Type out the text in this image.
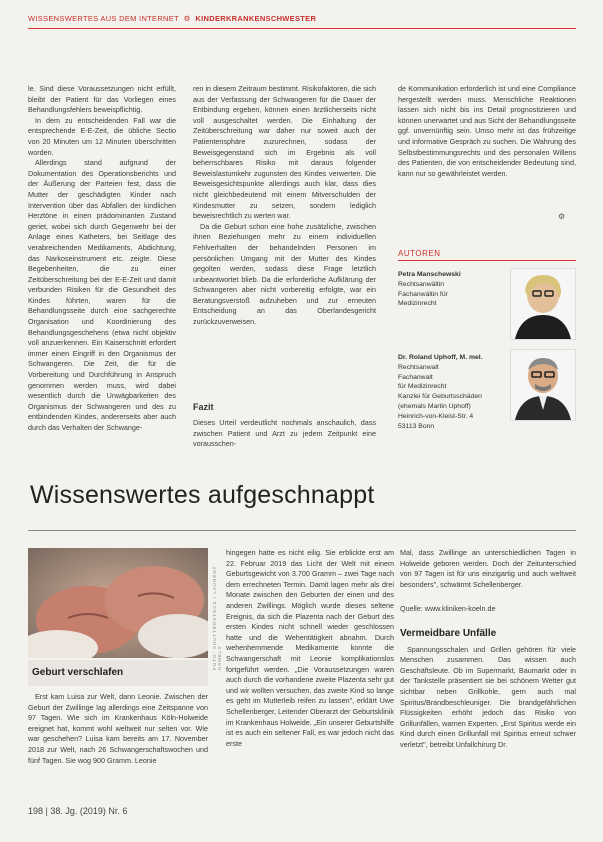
WISSENSWERTES AUS DEM INTERNET  ⚙  KINDERKRANKENSCHWESTER

le. Sind diese Voraussetzungen nicht erfüllt, bleibt der Patient für das Vorliegen eines Behandlungsfehlers beweispflichtig.

In dem zu entscheidenden Fall war die entsprechende E-E-Zeit, die übliche Sectio von 20 Minuten um 12 Minuten überschritten worden.

Allerdings stand aufgrund der Dokumentation des Operationsberichts und der Äußerung der Parteien fest, dass die Mutter der geschädigten Kinder nach Intervention über das Abfallen der kindlichen Herztöne in einen prädominanten Zustand geriet, wobei sich durch Gegenwehr bei der Anlage eines Katheters, bei Seitlage des verabreichenden Medikaments, Abdichtung, das Narkoseinstrument etc. zeigte. Diese Begebenheiten, die zu einer Zeitüberschreitung bei der E-E-Zeit und damit verbunden Risiken für die Gesundheit des Kindes führten, waren für die Behandlungsseite durch eine sachgerechte Organisation und Koordinierung des Behandlungsgeschehens (etwa nicht objektiv voll anzuerkennen. Ein Kaiserschnitt erfordert immer einen Eingriff in den Organismus der Schwangeren. Die Zeit, die für die Vorbereitung und Durchführung in Anspruch genommen werden muss, wird dabei wesentlich durch die Unwägbarkeiten des Organismus der Schwangeren und des zu entbindenden Kindes, andererseits aber auch durch das Verhalten der Schwange-

ren in diesem Zeitraum bestimmt. Risikofaktoren, die sich aus der Verfassung der Schwangeren für die Dauer der Entbindung ergeben, können einen ärztlicherseits nicht voll ausgeschaltet werden. Die Einhaltung der Zeitüberschreitung war daher nur soweit auch der Patientensphäre zuzurechnen, sodass der Beweisgegenstand sich im Ergebnis als voll beherrschbares Risiko mit daraus folgender Beweislastumkehr zugunsten des Kindes verwerten. Die Beweisgesichtspunkte allerdings auch klar, dass dies nicht gleichbedeutend mit einem Mitverschulden der Kindesmutter zu setzen, sondern lediglich beweisrechtlich zu werten war.

Da die Geburt schon eine hohe zusätzliche, zwischen ihnen Beziehungen mehr zu einem individuellen Fehlverhalten der behandelnden Personen im persönlichen Umgang mit der Mutter des Kindes gegolten werden, sodass diese Frage letztlich unbeantwortet blieb. Da die erforderliche Aufklärung der Schwangeren aber nicht vorbereitig erfolgte, war ein Beratungsverstoß aufzuheben und zur erneuten Entscheidung an das Oberlandesgericht zurückzuverweisen.

Fazit

Dieses Urteil verdeutlicht nochmals anschaulich, dass zwischen Patient und Arzt zu jedem Zeitpunkt eine vorausschen-

de Kommunikation erforderlich ist und eine Compliance hergestellt werden muss. Menschliche Reaktionen lassen sich nicht bis ins Detail prognostizieren und können unerwartet und aus Sicht der Behandlungsseite ggf. unvernünftig sein. Umso mehr ist das frühzeitige und informative Gespräch zu suchen. Die Wahrung des Selbstbestimmungsrechts und des personalen Willens des Patienten, die von entscheidender Bedeutung sind, kann nur so gewährleistet werden.

⚙
AUTOREN
Petra Manschewski
Rechtsanwältin
Fachanwältin für
Medizinrecht
Dr. Roland Uphoff, M. mel.
Rechtsanwalt
Fachanwalt
für Medizinrecht
Kanzlei für Geburtsschäden
(ehemals Martin Uphoff)
Heinrich-von-Kleist-Str. 4
53113 Bonn
Wissenswertes aufgeschnappt
Geburt verschlafen
FOTO: SHUTTERSTOCK / LAURENT HAMELS

Erst kam Luisa zur Welt, dann Leonie. Zwischen der Geburt der Zwillinge lag allerdings eine Zeitspanne von 97 Tagen. Wie sich im Krankenhaus Köln-Holweide ereignet hat, kommt wohl weltweit nur selten vor. Wie war geschehen? Luisa kam bereits am 17. November 2018 zur Welt, nach 26 Schwangerschaftswochen und fünf Tagen. Sie wog 900 Gramm. Leonie

hingegen hatte es nicht eilig. Sie erblickte erst am 22. Februar 2019 das Licht der Welt mit einem Geburtsgewicht von 3.700 Gramm – zwei Tage nach dem errechneten Termin. Damit lagen mehr als drei Monate zwischen den Geburten der einen und des anderen Zwillings. Möglich wurde dieses seltene Ereignis, da sich die Plazenta nach der Geburt des ersten Kindes nicht schnell wieder geschlossen hatte und die Wehentätigkeit abnahm. Durch wehenhemmende Medikamente konnte die Schwangerschaft mit Leonie komplikationslos fortgeführt werden. „Die Voraussetzungen waren auch durch die vorhandene zweite Plazenta sehr gut und wir wollten versuchen, das zweite Kind so lange es geht im Mutterleib reifen zu lassen", erklärt Uwe Schellenberger, Leitender Oberarzt der Geburtsklinik im Krankenhaus Holweide. „Ein unserer Geburtshilfe ist es auch ein seltener Fall, es war jedoch nicht das erste

Mal, dass Zwillinge an unterschiedlichen Tagen in Holweide geboren werden. Doch der Zeitunterschied von 97 Tagen ist für uns einzigartig und auch weltweit besonders", schwärmt Schellenberger.

Quelle: www.kliniken-koeln.de

Vermeidbare Unfälle

Spannungsschalen und Grillen gehören für viele Menschen zusammen. Das wissen auch Geschäftsleute. Ob im Supermarkt, Baumarkt oder in der Tankstelle präsentiert sie bei schönem Wetter gut sichtbar neben Grillkohle, gern auch mal Spiritus/Brandbeschleuniger. Die brandgefährlichen Flüssigkeiten erhöht jedoch das Risiko von Grillunfällen, warnen Experten. „Erst Spiritus werde ein Kind durch einen Grillunfall mit Spiritus erneut schwer verletzt", betreibt Unfallchirurg Dr.

198 | 38. Jg. (2019) Nr. 6
